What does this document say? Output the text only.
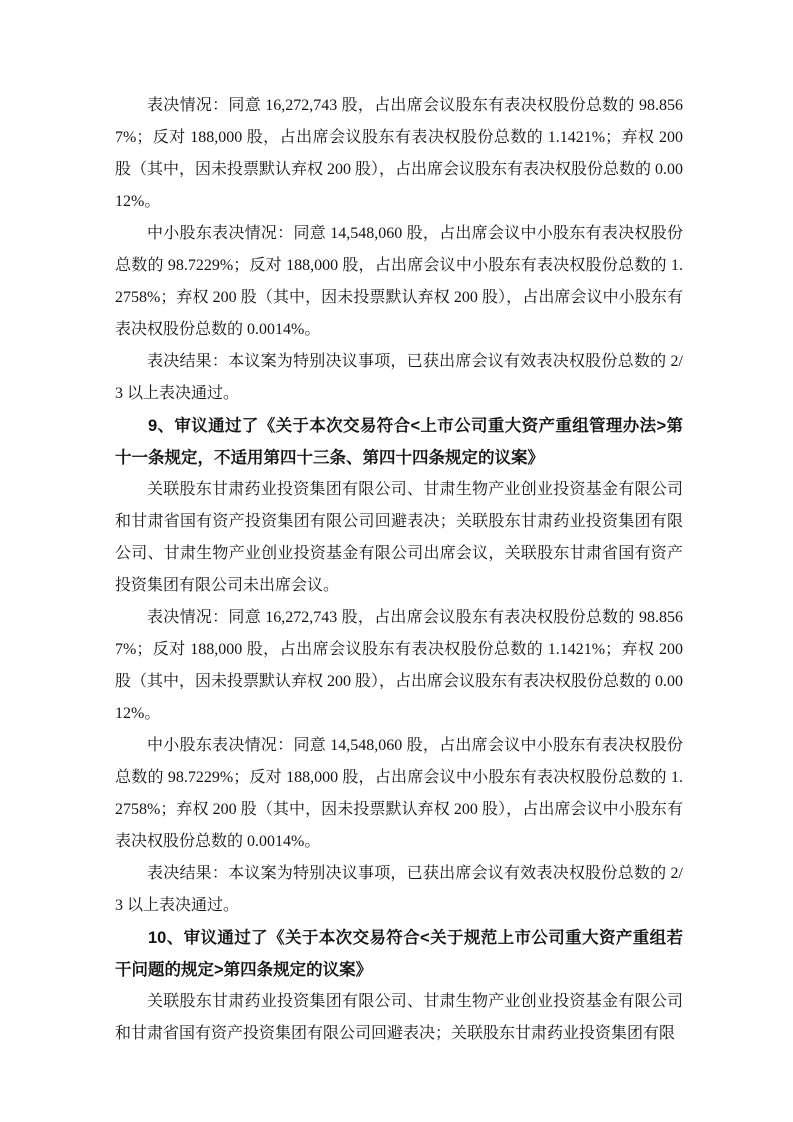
表决情况：同意 16,272,743 股，占出席会议股东有表决权股份总数的 98.8567%；反对 188,000 股，占出席会议股东有表决权股份总数的 1.1421%；弃权 200 股（其中，因未投票默认弃权 200 股），占出席会议股东有表决权股份总数的 0.0012%。

中小股东表决情况：同意 14,548,060 股，占出席会议中小股东有表决权股份总数的 98.7229%；反对 188,000 股，占出席会议中小股东有表决权股份总数的 1.2758%；弃权 200 股（其中，因未投票默认弃权 200 股），占出席会议中小股东有表决权股份总数的 0.0014%。

表决结果：本议案为特别决议事项，已获出席会议有效表决权股份总数的 2/3 以上表决通过。

9、审议通过了《关于本次交易符合<上市公司重大资产重组管理办法>第十一条规定，不适用第四十三条、第四十四条规定的议案》

关联股东甘肃药业投资集团有限公司、甘肃生物产业创业投资基金有限公司和甘肃省国有资产投资集团有限公司回避表决；关联股东甘肃药业投资集团有限公司、甘肃生物产业创业投资基金有限公司出席会议，关联股东甘肃省国有资产投资集团有限公司未出席会议。

表决情况：同意 16,272,743 股，占出席会议股东有表决权股份总数的 98.8567%；反对 188,000 股，占出席会议股东有表决权股份总数的 1.1421%；弃权 200 股（其中，因未投票默认弃权 200 股），占出席会议股东有表决权股份总数的 0.0012%。

中小股东表决情况：同意 14,548,060 股，占出席会议中小股东有表决权股份总数的 98.7229%；反对 188,000 股，占出席会议中小股东有表决权股份总数的 1.2758%；弃权 200 股（其中，因未投票默认弃权 200 股），占出席会议中小股东有表决权股份总数的 0.0014%。

表决结果：本议案为特别决议事项，已获出席会议有效表决权股份总数的 2/3 以上表决通过。

10、审议通过了《关于本次交易符合<关于规范上市公司重大资产重组若干问题的规定>第四条规定的议案》

关联股东甘肃药业投资集团有限公司、甘肃生物产业创业投资基金有限公司和甘肃省国有资产投资集团有限公司回避表决；关联股东甘肃药业投资集团有限
